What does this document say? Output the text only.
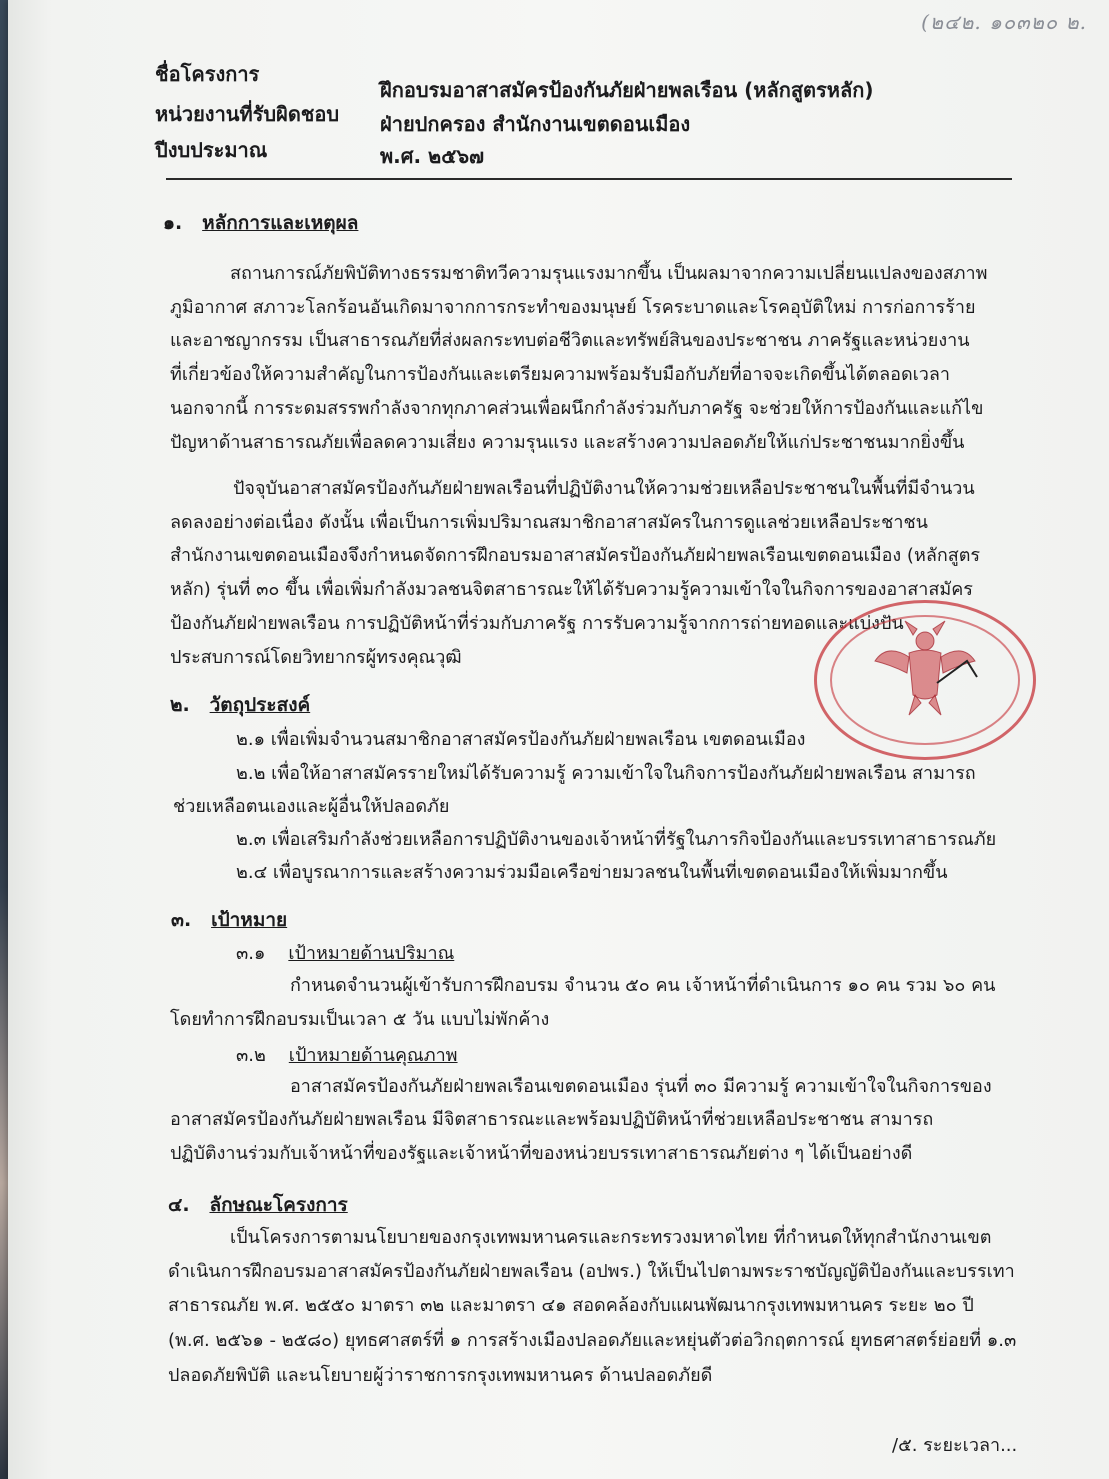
(๒๔๒. ๑๐๓๒๐ ๒.
ชื่อโครงการ
ฝึกอบรมอาสาสมัครป้องกันภัยฝ่ายพลเรือน (หลักสูตรหลัก)
หน่วยงานที่รับผิดชอบ ฝ่ายปกครอง สำนักงานเขตดอนเมือง
ปีงบประมาณ	พ.ศ. ๒๕๖๗
๑. หลักการและเหตุผล
สถานการณ์ภัยพิบัติทางธรรมชาติทวีความรุนแรงมากขึ้น เป็นผลมาจากความเปลี่ยนแปลงของสภาพ
ภูมิอากาศ สภาวะโลกร้อนอันเกิดมาจากการกระทำของมนุษย์ โรคระบาดและโรคอุบัติใหม่ การก่อการร้าย
และอาชญากรรม เป็นสาธารณภัยที่ส่งผลกระทบต่อชีวิตและทรัพย์สินของประชาชน ภาครัฐและหน่วยงาน
ที่เกี่ยวข้องให้ความสำคัญในการป้องกันและเตรียมความพร้อมรับมือกับภัยที่อาจจะเกิดขึ้นได้ตลอดเวลา
นอกจากนี้ การระดมสรรพกำลังจากทุกภาคส่วนเพื่อผนึกกำลังร่วมกับภาครัฐ จะช่วยให้การป้องกันและแก้ไข
ปัญหาด้านสาธารณภัยเพื่อลดความเสี่ยง ความรุนแรง และสร้างความปลอดภัยให้แก่ประชาชนมากยิ่งขึ้น
ปัจจุบันอาสาสมัครป้องกันภัยฝ่ายพลเรือนที่ปฏิบัติงานให้ความช่วยเหลือประชาชนในพื้นที่มีจำนวน
ลดลงอย่างต่อเนื่อง ดังนั้น เพื่อเป็นการเพิ่มปริมาณสมาชิกอาสาสมัครในการดูแลช่วยเหลือประชาชน
สำนักงานเขตดอนเมืองจึงกำหนดจัดการฝึกอบรมอาสาสมัครป้องกันภัยฝ่ายพลเรือนเขตดอนเมือง (หลักสูตร
หลัก) รุ่นที่ ๓๐ ขึ้น เพื่อเพิ่มกำลังมวลชนจิตสาธารณะให้ได้รับความรู้ความเข้าใจในกิจการของอาสาสมัคร
ป้องกันภัยฝ่ายพลเรือน การปฏิบัติหน้าที่ร่วมกับภาครัฐ การรับความรู้จากการถ่ายทอดและแบ่งปัน
ประสบการณ์โดยวิทยากรผู้ทรงคุณวุฒิ
๒. วัตถุประสงค์
๒.๑ เพื่อเพิ่มจำนวนสมาชิกอาสาสมัครป้องกันภัยฝ่ายพลเรือน เขตดอนเมือง
๒.๒ เพื่อให้อาสาสมัครรายใหม่ได้รับความรู้ ความเข้าใจในกิจการป้องกันภัยฝ่ายพลเรือน สามารถ
ช่วยเหลือตนเองและผู้อื่นให้ปลอดภัย
๒.๓ เพื่อเสริมกำลังช่วยเหลือการปฏิบัติงานของเจ้าหน้าที่รัฐในภารกิจป้องกันและบรรเทาสาธารณภัย
๒.๔ เพื่อบูรณาการและสร้างความร่วมมือเครือข่ายมวลชนในพื้นที่เขตดอนเมืองให้เพิ่มมากขึ้น
๓. เป้าหมาย
๓.๑ เป้าหมายด้านปริมาณ
กำหนดจำนวนผู้เข้ารับการฝึกอบรม จำนวน ๕๐ คน เจ้าหน้าที่ดำเนินการ ๑๐ คน รวม ๖๐ คน
โดยทำการฝึกอบรมเป็นเวลา ๕ วัน แบบไม่พักค้าง
๓.๒ เป้าหมายด้านคุณภาพ
อาสาสมัครป้องกันภัยฝ่ายพลเรือนเขตดอนเมือง รุ่นที่ ๓๐ มีความรู้ ความเข้าใจในกิจการของ
อาสาสมัครป้องกันภัยฝ่ายพลเรือน มีจิตสาธารณะและพร้อมปฏิบัติหน้าที่ช่วยเหลือประชาชน สามารถ
ปฏิบัติงานร่วมกับเจ้าหน้าที่ของรัฐและเจ้าหน้าที่ของหน่วยบรรเทาสาธารณภัยต่าง ๆ ได้เป็นอย่างดี
๔. ลักษณะโครงการ
เป็นโครงการตามนโยบายของกรุงเทพมหานครและกระทรวงมหาดไทย ที่กำหนดให้ทุกสำนักงานเขต
ดำเนินการฝึกอบรมอาสาสมัครป้องกันภัยฝ่ายพลเรือน (อปพร.) ให้เป็นไปตามพระราชบัญญัติป้องกันและบรรเทา
สาธารณภัย พ.ศ. ๒๕๕๐ มาตรา ๓๒ และมาตรา ๔๑ สอดคล้องกับแผนพัฒนากรุงเทพมหานคร ระยะ ๒๐ ปี
(พ.ศ. ๒๕๖๑ - ๒๕๘๐) ยุทธศาสตร์ที่ ๑ การสร้างเมืองปลอดภัยและหยุ่นตัวต่อวิกฤตการณ์ ยุทธศาสตร์ย่อยที่ ๑.๓
ปลอดภัยพิบัติ และนโยบายผู้ว่าราชการกรุงเทพมหานคร ด้านปลอดภัยดี
/๕. ระยะเวลา...
